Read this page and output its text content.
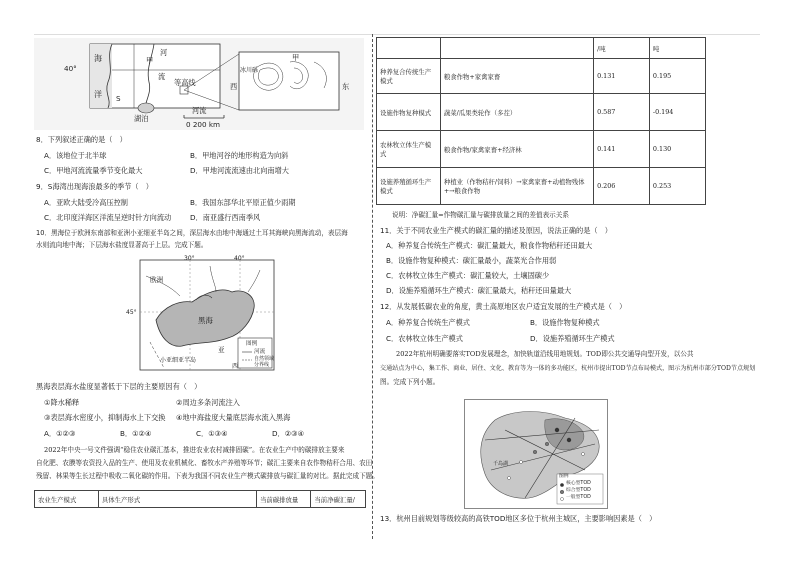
40°
海
洋 S
河
流
甲
等高线
湖泊
河流
0 200 km
西	东
甲
冰川砾
8．下列叙述正确的是（　）
A．该地位于北半球	B．甲地河谷的地形构造为向斜
C．甲地河流流量季节变化最大	D．甲地河流流速由北向南增大
9．S海湾出现海浪最多的季节（　）
A．亚欧大陆受冷高压控制	B．我国东部华北平原正值少雨期
C．北印度洋海区洋流呈逆时针方向流动	D．南亚盛行西南季风
10．黑海位于欧洲东南部和亚洲小亚细亚半岛之间，深层海水由地中海通过土耳其海峡向黑海流动，表层海
水则流向地中海；下层海水盐度显著高于上层。完成下题。
30°	40°
45°
欧洲
黑海
亚
小亚细亚半岛
西
图例
河流
自然领域分界线
黑海表层海水盐度显著低于下层的主要原因有（　）
①降水稀释	②周边多条河流注入
③表层海水密度小，抑制海水上下交换 ④地中海盐度大量底层海水流入黑海
A．①②③	B．①②④	C．①③④	D．②③④
2022年中央一号文件强调“稳住农业碳汇基本，推进农业农村减排固碳”。在农业生产中的碳排放主要来
自化肥、农膜等农资投入品的生产、使用及农业机械化、畜牧水产养殖等环节；碳汇主要来自农作物秸秆合用、农田
残留、林果等生长过程中吸收二氧化碳的作用。下表为我国不同农业生产模式碳排放与碳汇量的对比。据此完成下题。
农业生产模式	具体生产形式	当前碳排放量	当前净碳汇量/
		/吨	吨
种养复合传统生产模式	粮食作物+家禽家畜	0.131	0.195
设施作物复种模式	蔬菜/瓜果类轮作（多茬）	0.587	-0.194
农林牧立体生产模式	粮食作物/家禽家畜+经济林	0.141	0.130
设施养殖循环生产模式	种植业（作物秸秆/饲料）→家禽家畜+动植物残体+→粮食作物	0.206	0.253
说明：净碳汇量=作物碳汇量与碳排放量之间的差值表示关系
11．关于不同农业生产模式的碳汇量的描述及原因，说法正确的是（　）
A．种养复合传统生产模式：碳汇量最大，粮食作物秸秆还田最大
B．设施作物复种模式：碳汇量最小，蔬菜光合作用弱
C．农林牧立体生产模式：碳汇量较大，土壤固碳少
D．设施养殖循环生产模式：碳汇量最大，秸秆还田量最大
12．从发展低碳农业的角度，黄土高原地区农户适宜发展的生产模式是（　）
A．种养复合传统生产模式	B．设施作物复种模式
C．农林牧立体生产模式	D．设施养殖循环生产模式
2022年杭州明确要落实TOD发展理念，加快轨道沿线用地规划。TOD即公共交通导向型开发，以公共
交通站点为中心，集工作、商业、居住、文化、教育等为一体的多功能区，杭州市提出TOD节点布局模式，图示为杭州市部分TOD节点规划
图。完成下列小题。
图例
核心型TOD
综合型TOD
一般型TOD
千岛湖
13．杭州目前规划等级较高的高铁TOD地区多位于杭州主城区，主要影响因素是（　）
